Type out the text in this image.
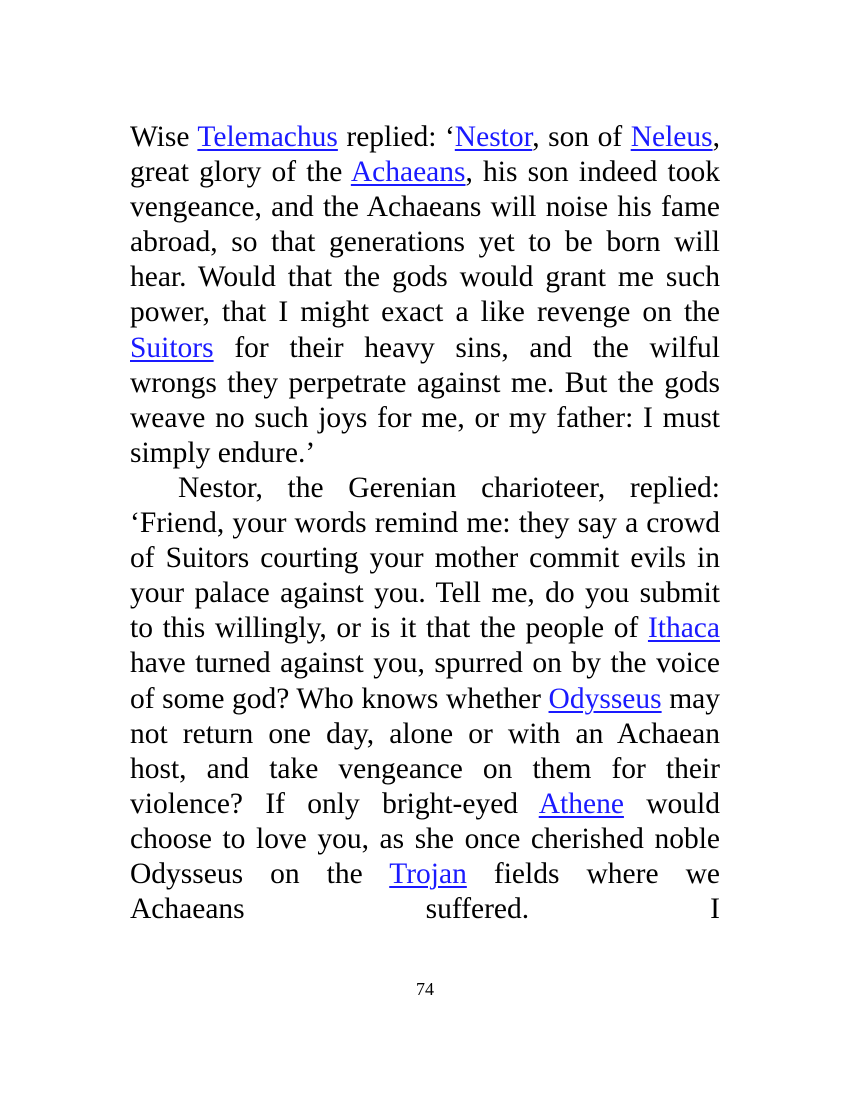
Wise Telemachus replied: ‘Nestor, son of Neleus, great glory of the Achaeans, his son indeed took vengeance, and the Achaeans will noise his fame abroad, so that generations yet to be born will hear. Would that the gods would grant me such power, that I might exact a like revenge on the Suitors for their heavy sins, and the wilful wrongs they perpetrate against me. But the gods weave no such joys for me, or my father: I must simply endure.’

Nestor, the Gerenian charioteer, replied: ‘Friend, your words remind me: they say a crowd of Suitors courting your mother commit evils in your palace against you. Tell me, do you submit to this willingly, or is it that the people of Ithaca have turned against you, spurred on by the voice of some god? Who knows whether Odysseus may not return one day, alone or with an Achaean host, and take vengeance on them for their violence? If only bright-eyed Athene would choose to love you, as she once cherished noble Odysseus on the Trojan fields where we Achaeans suffered. I

74
